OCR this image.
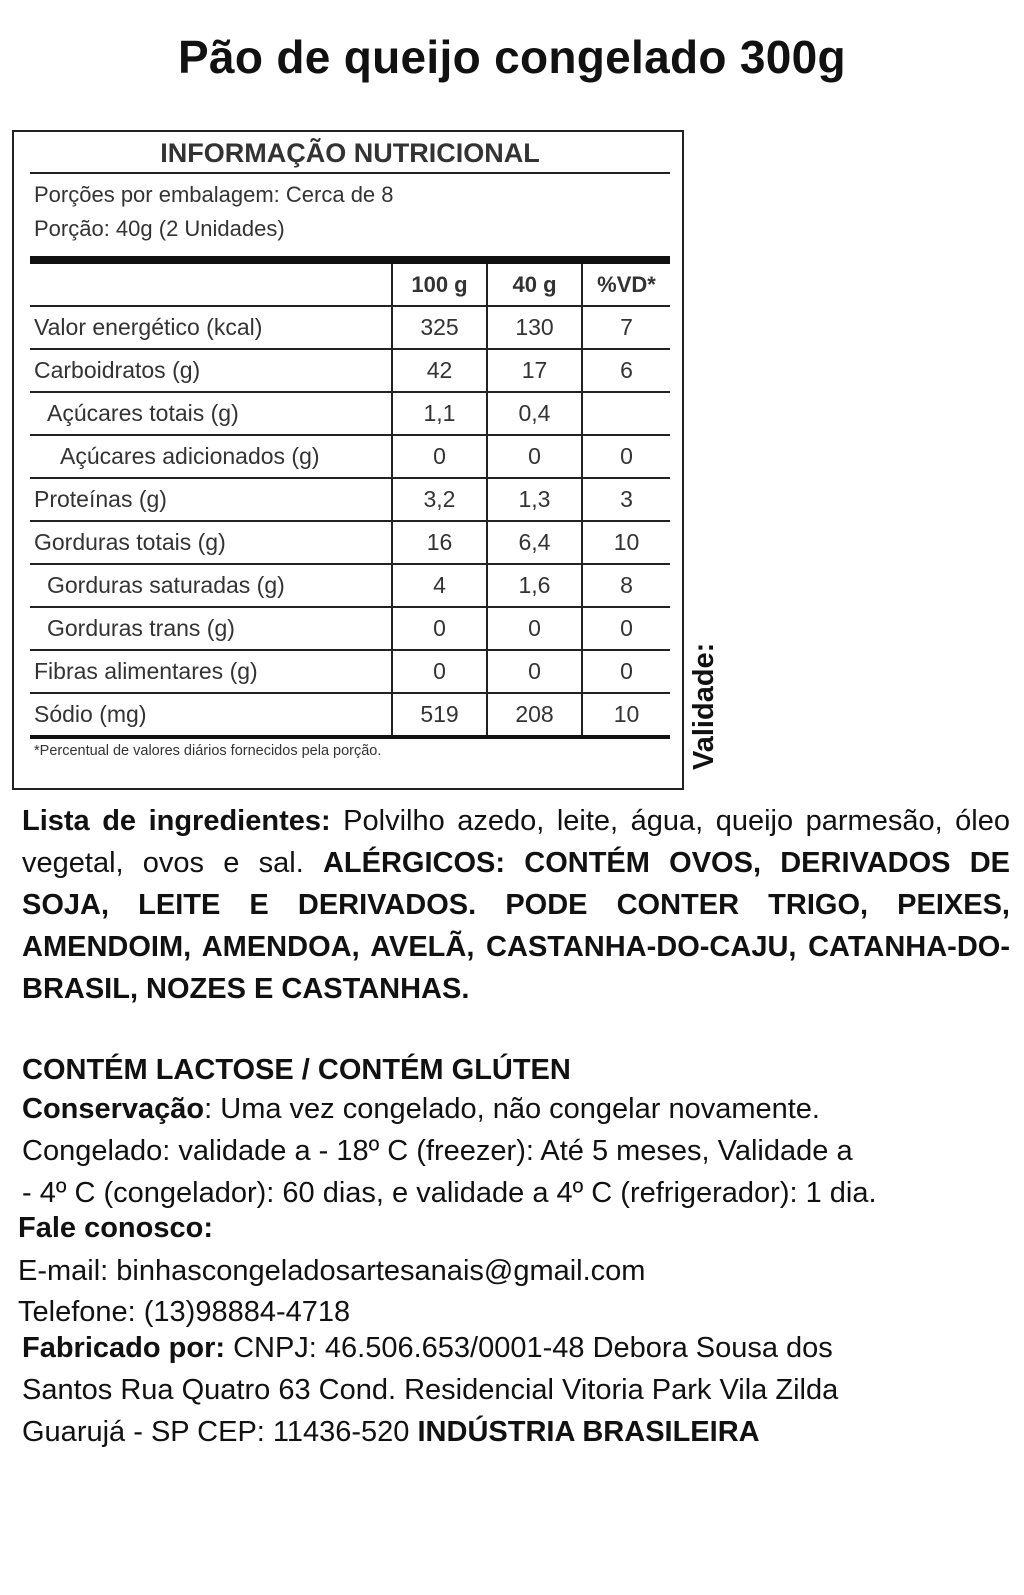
Pão de queijo congelado 300g
INFORMAÇÃO NUTRICIONAL
Porções por embalagem: Cerca de 8
Porção: 40g (2 Unidades)
	100 g	40 g	%VD*
Valor energético (kcal)	325	130	7
Carboidratos (g)	42	17	6
Açúcares totais (g)	1,1	0,4	
Açúcares adicionados (g)	0	0	0
Proteínas (g)	3,2	1,3	3
Gorduras totais (g)	16	6,4	10
Gorduras saturadas (g)	4	1,6	8
Gorduras trans (g)	0	0	0
Fibras alimentares (g)	0	0	0
Sódio (mg)	519	208	10
*Percentual de valores diários fornecidos pela porção.	Validade:
Lista de ingredientes: Polvilho azedo, leite, água, queijo parmesão, óleo vegetal, ovos e sal. ALÉRGICOS: CONTÉM OVOS, DERIVADOS DE SOJA, LEITE E DERIVADOS. PODE CONTER TRIGO, PEIXES, AMENDOIM, AMENDOA, AVELÃ, CASTANHA-DO-CAJU, CATANHA-DO-BRASIL, NOZES E CASTANHAS.
CONTÉM LACTOSE / CONTÉM GLÚTEN
Conservação: Uma vez congelado, não congelar novamente.
Congelado: validade a - 18º C (freezer): Até 5 meses, Validade a
- 4º C (congelador): 60 dias, e validade a 4º C (refrigerador): 1 dia.
Fale conosco:
E-mail: binhascongeladosartesanais@gmail.com
Telefone: (13)98884-4718
Fabricado por: CNPJ: 46.506.653/0001-48 Debora Sousa dos
Santos Rua Quatro 63 Cond. Residencial Vitoria Park Vila Zilda
Guarujá - SP CEP: 11436-520 INDÚSTRIA BRASILEIRA
